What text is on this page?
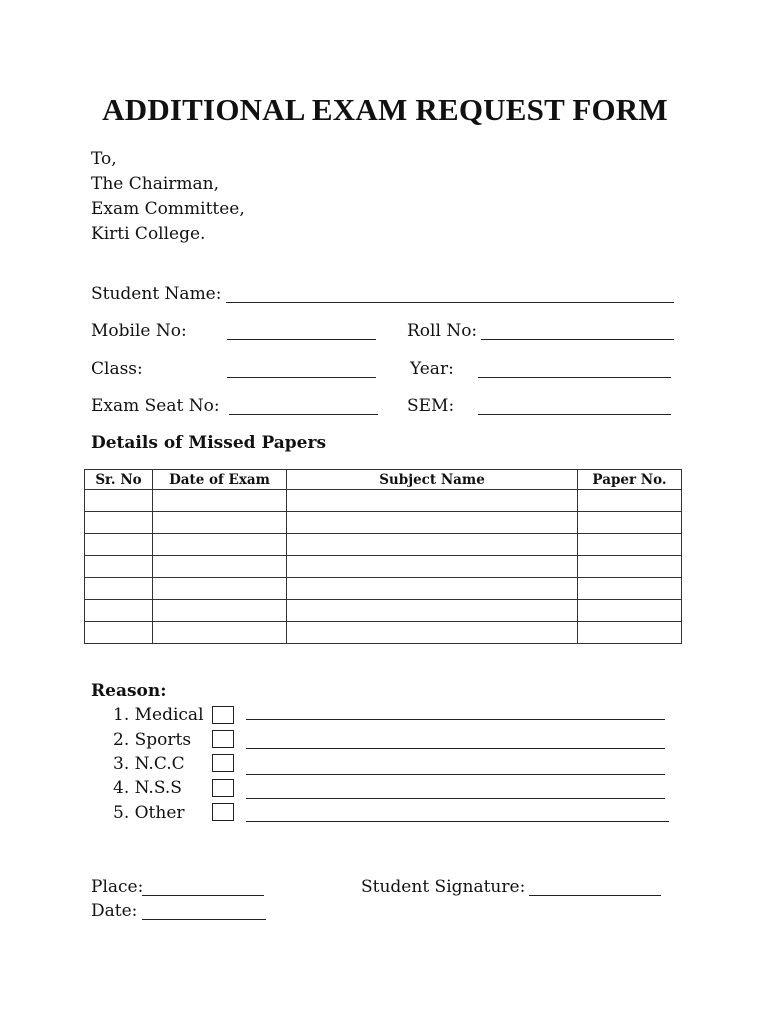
ADDITIONAL EXAM REQUEST FORM
To,
The Chairman,
Exam Committee,
Kirti College.
Student Name:
Mobile No:	Roll No:
Class:	Year:
Exam Seat No:	SEM:
Details of Missed Papers
Sr. No	Date of Exam	Subject Name	Paper No.

Reason:
1. Medical
2. Sports
3. N.C.C
4. N.S.S
5. Other
Place:
Date:
Student Signature:
